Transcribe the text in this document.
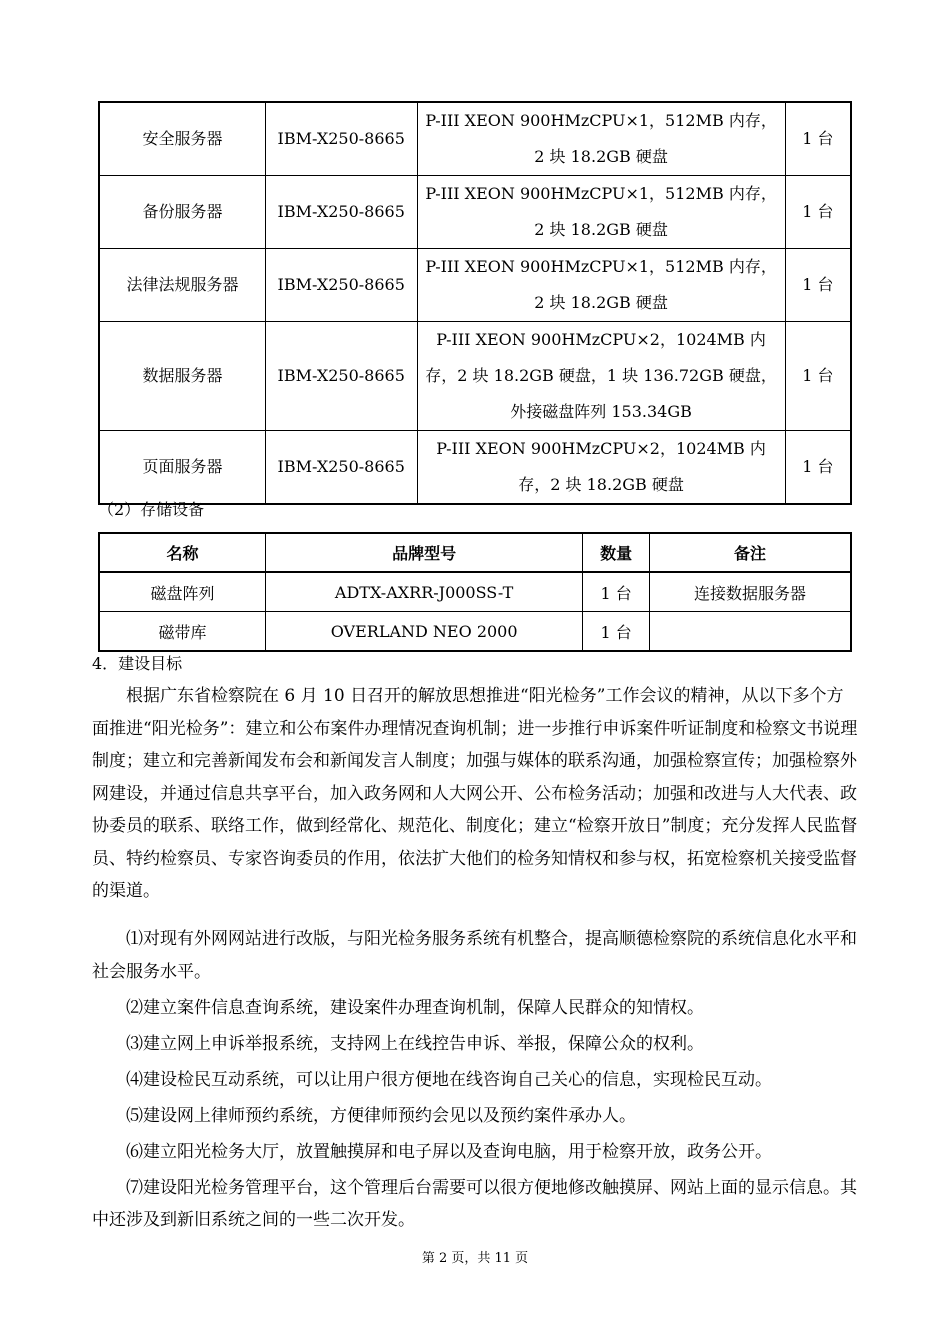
安全服务器	IBM-X250-8665	P-III XEON 900HMzCPU×1，512MB 内存，2 块 18.2GB 硬盘	1 台
备份服务器	IBM-X250-8665	P-III XEON 900HMzCPU×1，512MB 内存，2 块 18.2GB 硬盘	1 台
法律法规服务器	IBM-X250-8665	P-III XEON 900HMzCPU×1，512MB 内存，2 块 18.2GB 硬盘	1 台
数据服务器	IBM-X250-8665	P-III XEON 900HMzCPU×2，1024MB 内存，2 块 18.2GB 硬盘，1 块 136.72GB 硬盘，外接磁盘阵列 153.34GB	1 台
页面服务器	IBM-X250-8665	P-III XEON 900HMzCPU×2，1024MB 内存，2 块 18.2GB 硬盘	1 台
（2）存储设备
名称	品牌型号	数量	备注
磁盘阵列	ADTX-AXRR-J000SS-T	1 台	连接数据服务器
磁带库	OVERLAND NEO 2000	1 台	
4．建设目标

根据广东省检察院在 6 月 10 日召开的解放思想推进“阳光检务”工作会议的精神，从以下多个方面推进“阳光检务”：建立和公布案件办理情况查询机制；进一步推行申诉案件听证制度和检察文书说理制度；建立和完善新闻发布会和新闻发言人制度；加强与媒体的联系沟通，加强检察宣传；加强检察外网建设，并通过信息共享平台，加入政务网和人大网公开、公布检务活动；加强和改进与人大代表、政协委员的联系、联络工作，做到经常化、规范化、制度化；建立“检察开放日”制度；充分发挥人民监督员、特约检察员、专家咨询委员的作用，依法扩大他们的检务知情权和参与权，拓宽检察机关接受监督的渠道。

⑴对现有外网网站进行改版，与阳光检务服务系统有机整合，提高顺德检察院的系统信息化水平和社会服务水平。

⑵建立案件信息查询系统，建设案件办理查询机制，保障人民群众的知情权。

⑶建立网上申诉举报系统，支持网上在线控告申诉、举报，保障公众的权利。

⑷建设检民互动系统，可以让用户很方便地在线咨询自己关心的信息，实现检民互动。

⑸建设网上律师预约系统，方便律师预约会见以及预约案件承办人。

⑹建立阳光检务大厅，放置触摸屏和电子屏以及查询电脑，用于检察开放，政务公开。

⑺建设阳光检务管理平台，这个管理后台需要可以很方便地修改触摸屏、网站上面的显示信息。其中还涉及到新旧系统之间的一些二次开发。

第 2 页，共 11 页
